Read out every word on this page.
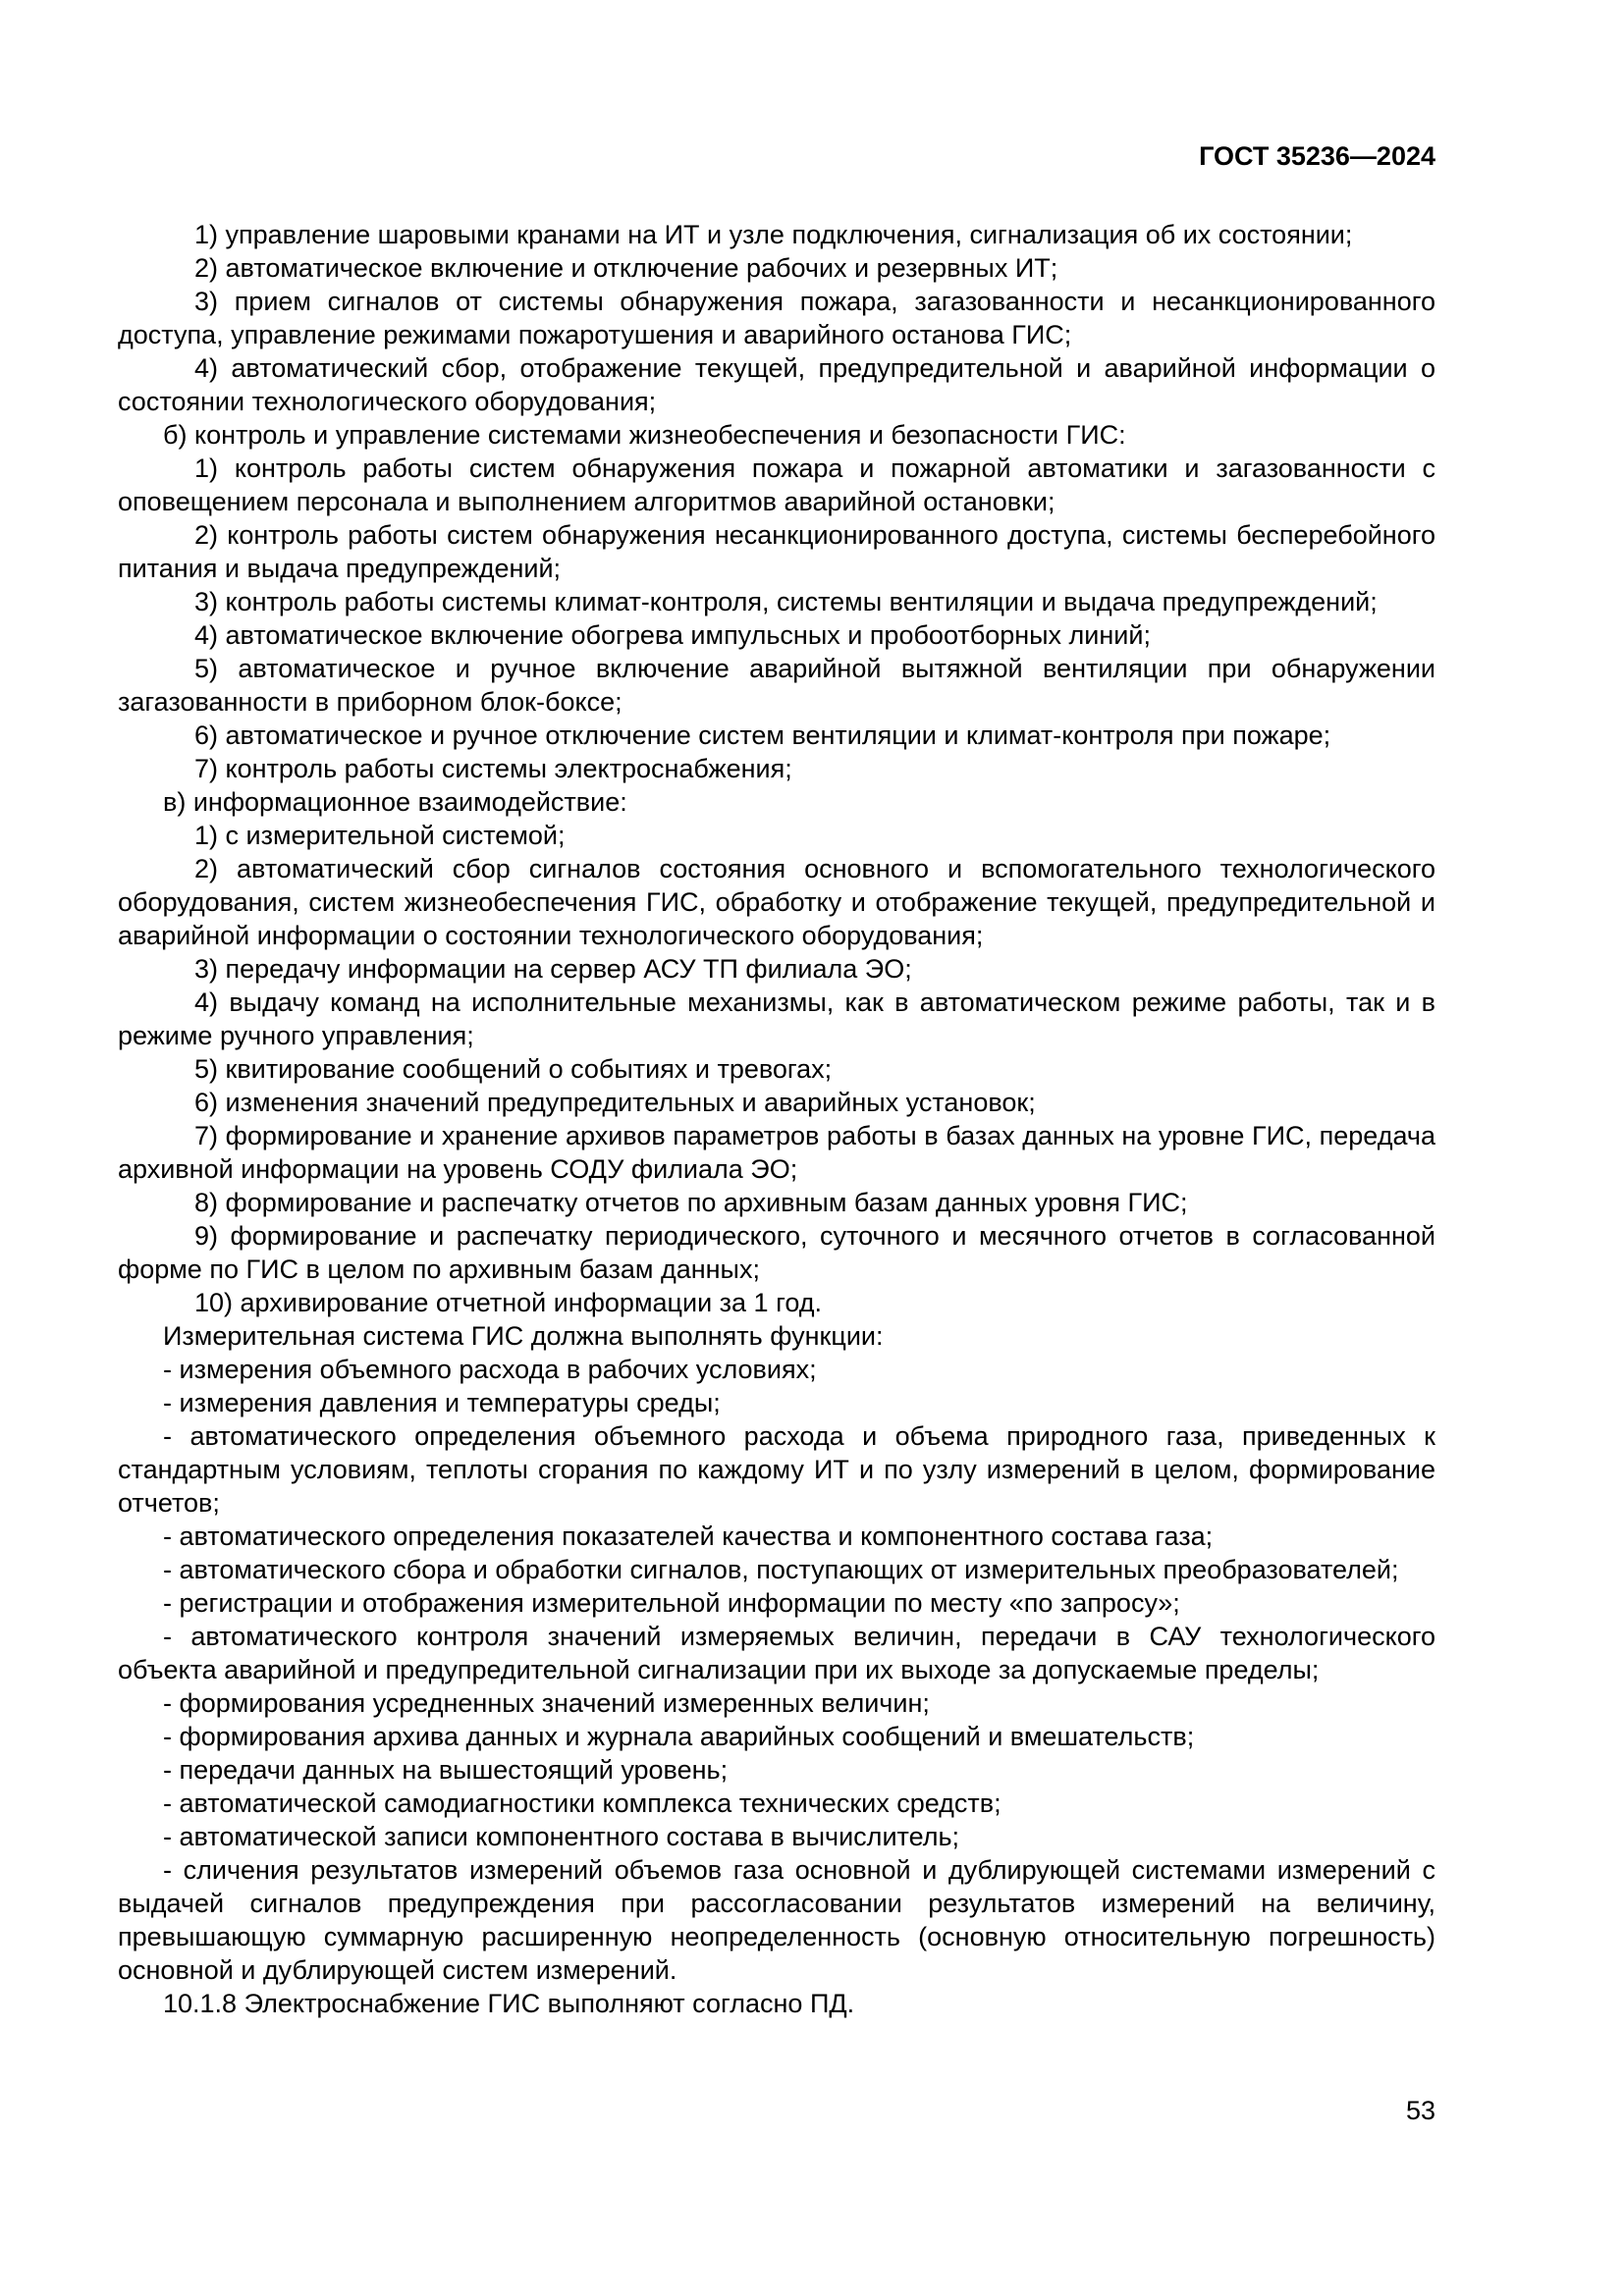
ГОСТ 35236—2024

1) управление шаровыми кранами на ИТ и узле подключения, сигнализация об их состоянии;

2) автоматическое включение и отключение рабочих и резервных ИТ;

3) прием сигналов от системы обнаружения пожара, загазованности и несанкционированного доступа, управление режимами пожаротушения и аварийного останова ГИС;

4) автоматический сбор, отображение текущей, предупредительной и аварийной информации о состоянии технологического оборудования;

б) контроль и управление системами жизнеобеспечения и безопасности ГИС:

1) контроль работы систем обнаружения пожара и пожарной автоматики и загазованности с оповещением персонала и выполнением алгоритмов аварийной остановки;

2) контроль работы систем обнаружения несанкционированного доступа, системы бесперебойного питания и выдача предупреждений;

3) контроль работы системы климат-контроля, системы вентиляции и выдача предупреждений;

4) автоматическое включение обогрева импульсных и пробоотборных линий;

5) автоматическое и ручное включение аварийной вытяжной вентиляции при обнаружении загазованности в приборном блок-боксе;

6) автоматическое и ручное отключение систем вентиляции и климат-контроля при пожаре;

7) контроль работы системы электроснабжения;

в) информационное взаимодействие:

1) с измерительной системой;

2) автоматический сбор сигналов состояния основного и вспомогательного технологического оборудования, систем жизнеобеспечения ГИС, обработку и отображение текущей, предупредительной и аварийной информации о состоянии технологического оборудования;

3) передачу информации на сервер АСУ ТП филиала ЭО;

4) выдачу команд на исполнительные механизмы, как в автоматическом режиме работы, так и в режиме ручного управления;

5) квитирование сообщений о событиях и тревогах;

6) изменения значений предупредительных и аварийных установок;

7) формирование и хранение архивов параметров работы в базах данных на уровне ГИС, передача архивной информации на уровень СОДУ филиала ЭО;

8) формирование и распечатку отчетов по архивным базам данных уровня ГИС;

9) формирование и распечатку периодического, суточного и месячного отчетов в согласованной форме по ГИС в целом по архивным базам данных;

10) архивирование отчетной информации за 1 год.

Измерительная система ГИС должна выполнять функции:

- измерения объемного расхода в рабочих условиях;

- измерения давления и температуры среды;

- автоматического определения объемного расхода и объема природного газа, приведенных к стандартным условиям, теплоты сгорания по каждому ИТ и по узлу измерений в целом, формирование отчетов;

- автоматического определения показателей качества и компонентного состава газа;

- автоматического сбора и обработки сигналов, поступающих от измерительных преобразователей;

- регистрации и отображения измерительной информации по месту «по запросу»;

- автоматического контроля значений измеряемых величин, передачи в САУ технологического объекта аварийной и предупредительной сигнализации при их выходе за допускаемые пределы;

- формирования усредненных значений измеренных величин;

- формирования архива данных и журнала аварийных сообщений и вмешательств;

- передачи данных на вышестоящий уровень;

- автоматической самодиагностики комплекса технических средств;

- автоматической записи компонентного состава в вычислитель;

- сличения результатов измерений объемов газа основной и дублирующей системами измерений с выдачей сигналов предупреждения при рассогласовании результатов измерений на величину, превышающую суммарную расширенную неопределенность (основную относительную погрешность) основной и дублирующей систем измерений.

10.1.8 Электроснабжение ГИС выполняют согласно ПД.

53
